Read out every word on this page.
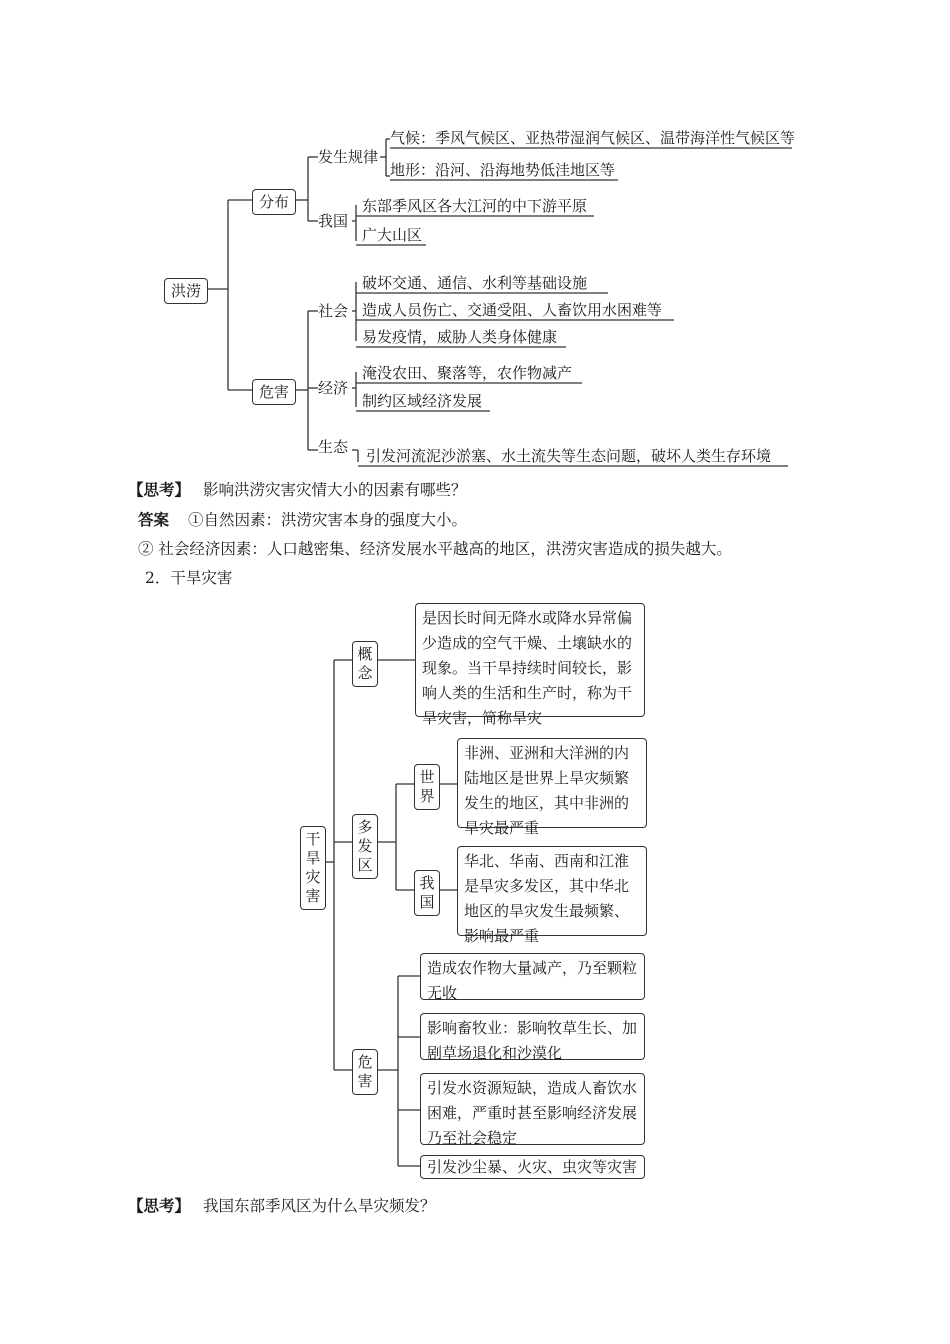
洪涝
分布
危害
发生规律
我国
社会
经济
生态
气候：季风气候区、亚热带湿润气候区、温带海洋性气候区等
地形：沿河、沿海地势低洼地区等
东部季风区各大江河的中下游平原
广大山区
破坏交通、通信、水利等基础设施
造成人员伤亡、交通受阻、人畜饮用水困难等
易发疫情，威胁人类身体健康
淹没农田、聚落等，农作物减产
制约区域经济发展
引发河流泥沙淤塞、水土流失等生态问题，破坏人类生存环境
【思考】 影响洪涝灾害灾情大小的因素有哪些？
答案 ①自然因素：洪涝灾害本身的强度大小。
② 社会经济因素：人口越密集、经济发展水平越高的地区，洪涝灾害造成的损失越大。
2．干旱灾害
干旱灾害
概念
多发区
危害
世界
我国
是因长时间无降水或降水异常偏少造成的空气干燥、土壤缺水的现象。当干旱持续时间较长，影响人类的生活和生产时，称为干旱灾害，简称旱灾
非洲、亚洲和大洋洲的内陆地区是世界上旱灾频繁发生的地区，其中非洲的旱灾最严重
华北、华南、西南和江淮是旱灾多发区，其中华北地区的旱灾发生最频繁、影响最严重
造成农作物大量减产，乃至颗粒无收
影响畜牧业：影响牧草生长、加剧草场退化和沙漠化
引发水资源短缺，造成人畜饮水困难，严重时甚至影响经济发展乃至社会稳定
引发沙尘暴、火灾、虫灾等灾害
【思考】 我国东部季风区为什么旱灾频发？
